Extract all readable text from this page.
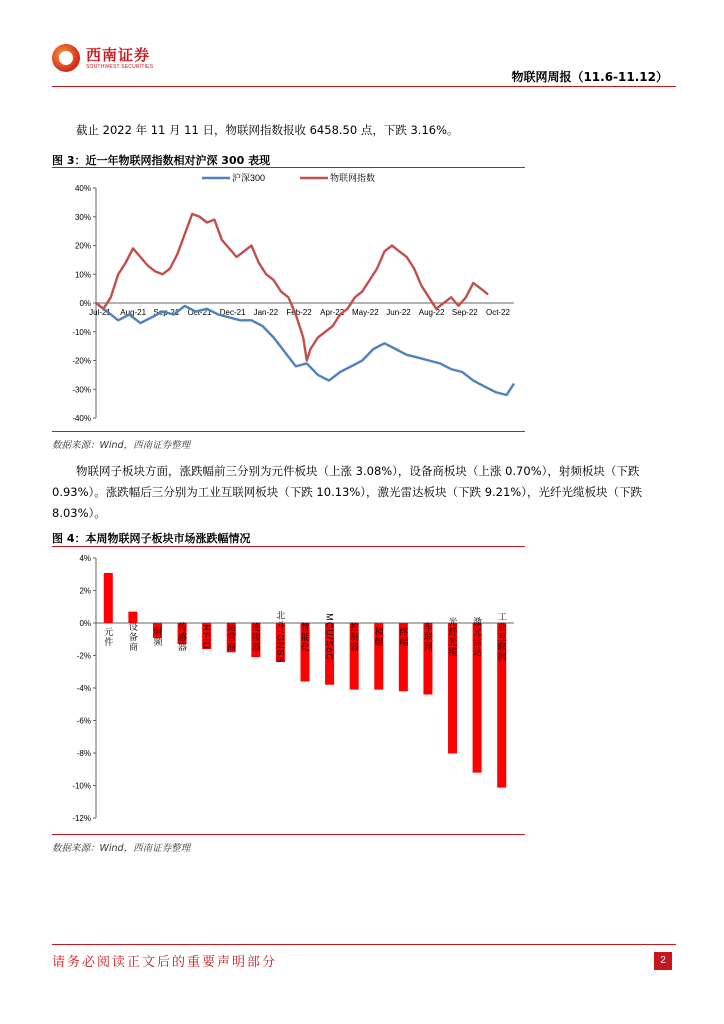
西南证券
SOUTHWEST SECURITIES
物联网周报（11.6-11.12）
截止 2022 年 11 月 11 日，物联网指数报收 6458.50 点，下跌 3.16%。
图 3：近一年物联网指数相对沪深 300 表现
40%
30%
20%
10%
0%
-10%
-20%
-30%
-40%
Jul-21 Aug-21 Sep-21 Oct-21 Dec-21 Jan-22 Feb-22 Apr-22 May-22 Jun-22 Aug-22 Sep-22 Oct-22
沪深300	物联网指数
数据来源：Wind，西南证券整理
物联网子板块方面，涨跌幅前三分别为元件板块（上涨 3.08%），设备商板块（上涨 0.70%），射频板块（下跌 0.93%）。涨跌幅后三分别为工业互联网板块（下跌 10.13%），激光雷达板块（下跌 9.21%），光纤光缆板块（下跌 8.03%）。
图 4：本周物联网子板块市场涨跌幅情况
4%
2%
0%
-2%
-4%
-6%
-8%
-10%
-12%
元件 设备商 射频 传感器 RFID 运营商 连接器 北斗/GNSS 智能化 MCU/SoC 控制器 模组 终端 车联网 光纤光缆 激光雷达 工业互联网
数据来源：Wind，西南证券整理
请务必阅读正文后的重要声明部分	2
